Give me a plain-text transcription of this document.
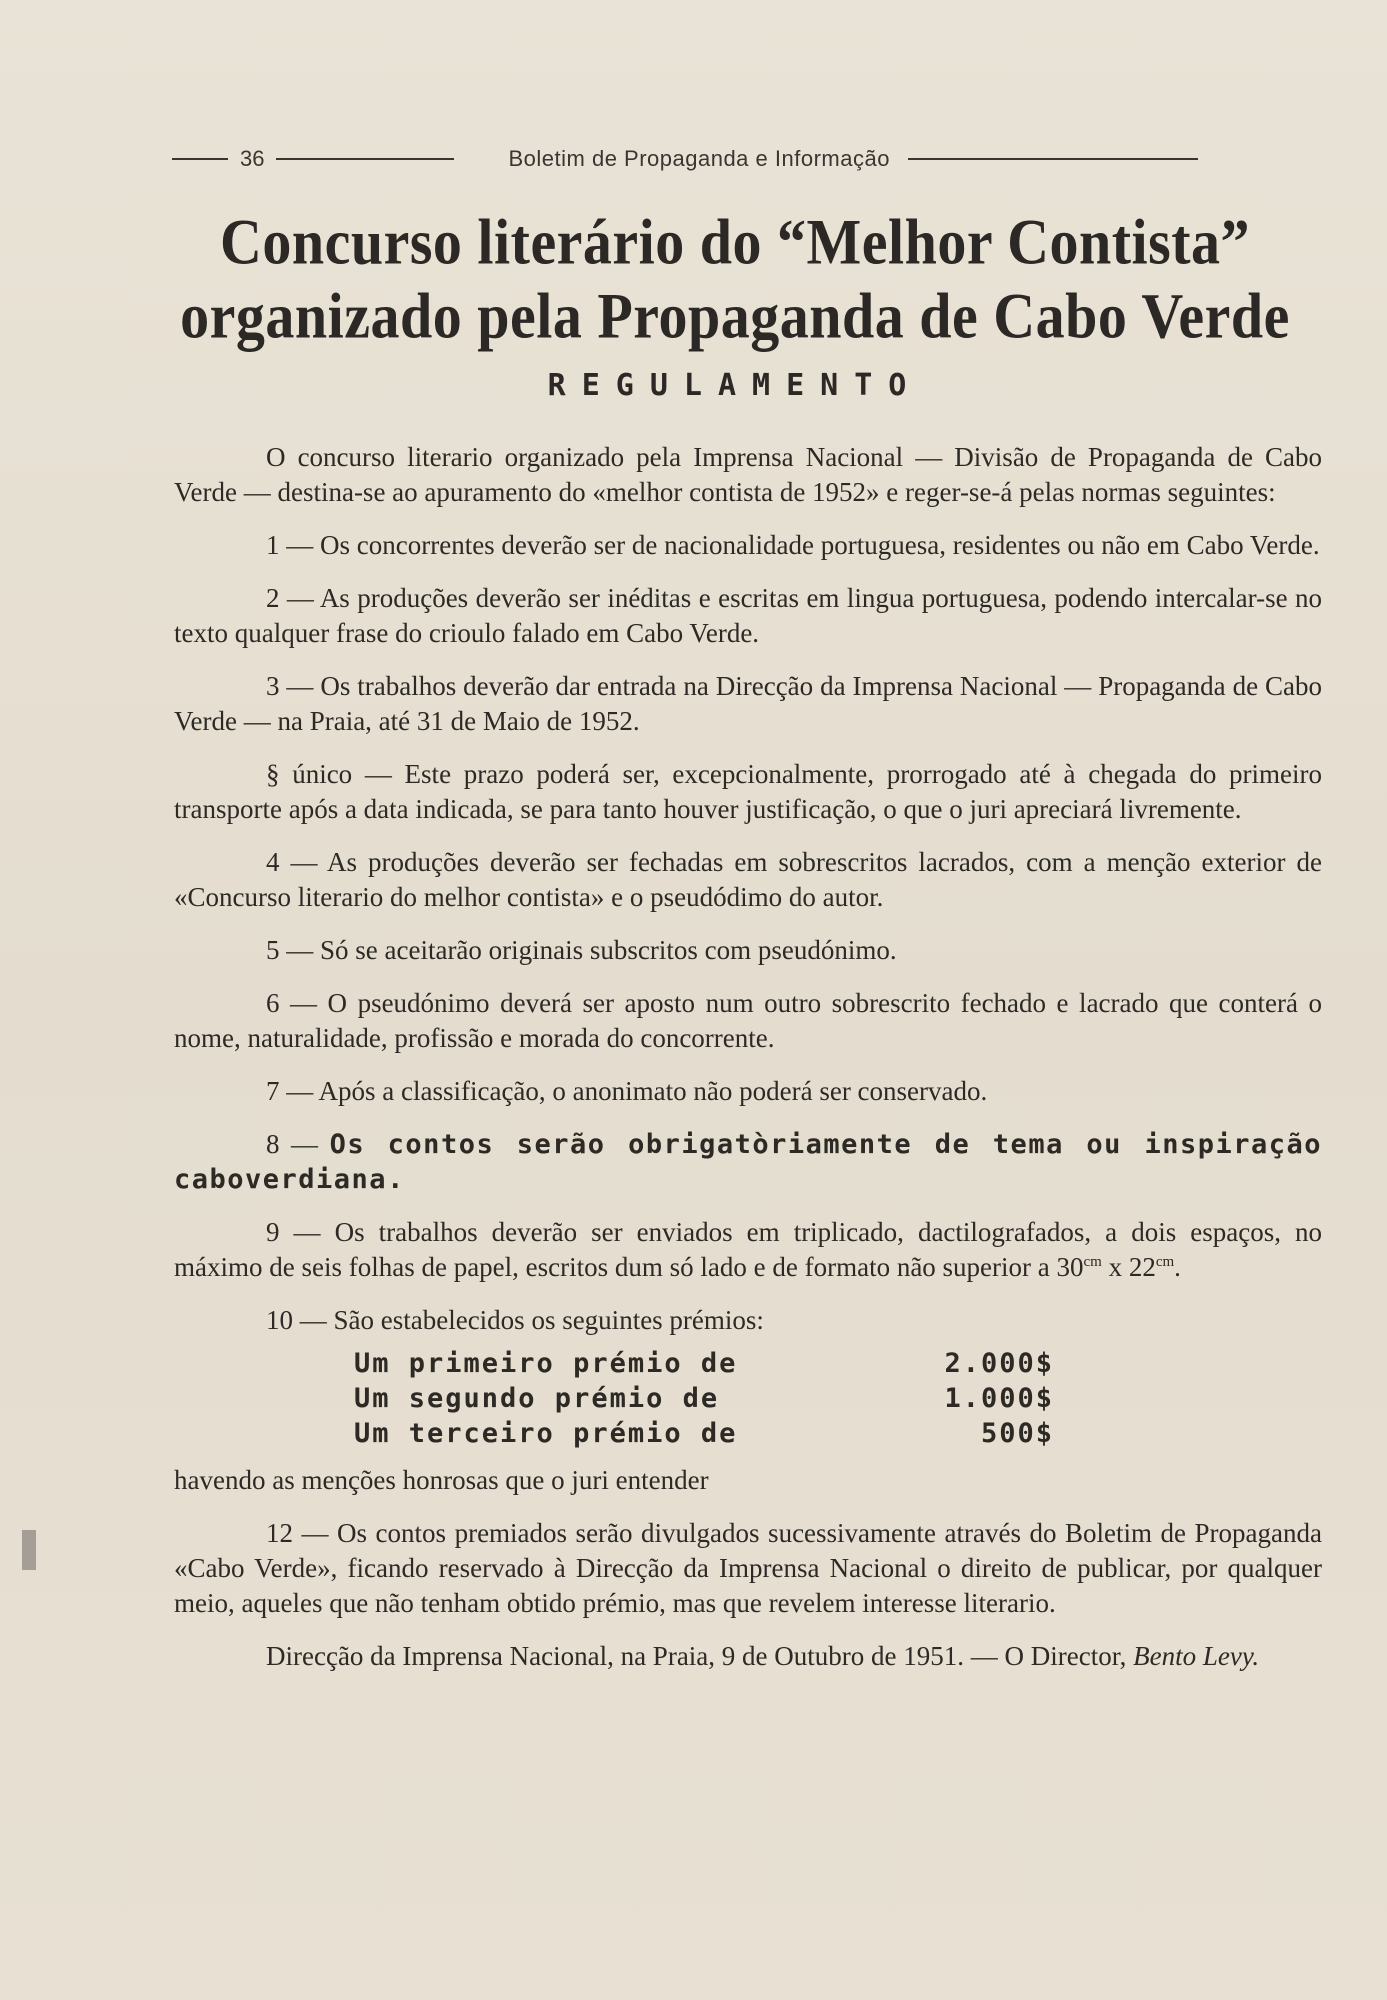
36	Boletim de Propaganda e Informação
Concurso literário do “Melhor Contista”
organizado pela Propaganda de Cabo Verde
REGULAMENTO

O concurso literario organizado pela Imprensa Nacional — Divisão de Propaganda de Cabo Verde — destina-se ao apuramento do «melhor contista de 1952» e reger-se-á pelas normas seguintes:

1 — Os concorrentes deverão ser de nacionalidade portuguesa, residentes ou não em Cabo Verde.

2 — As produções deverão ser inéditas e escritas em lingua portuguesa, podendo intercalar-se no texto qualquer frase do crioulo falado em Cabo Verde.

3 — Os trabalhos deverão dar entrada na Direcção da Imprensa Nacional — Propaganda de Cabo Verde — na Praia, até 31 de Maio de 1952.

§ único — Este prazo poderá ser, excepcionalmente, prorrogado até à chegada do primeiro transporte após a data indicada, se para tanto houver justificação, o que o juri apreciará livremente.

4 — As produções deverão ser fechadas em sobrescritos lacrados, com a menção exterior de «Concurso literario do melhor contista» e o pseudódimo do autor.

5 — Só se aceitarão originais subscritos com pseudónimo.

6 — O pseudónimo deverá ser aposto num outro sobrescrito fechado e lacrado que conterá o nome, naturalidade, profissão e morada do concorrente.

7 — Após a classificação, o anonimato não poderá ser conservado.

8 — Os contos serão obrigatòriamente de tema ou inspiração caboverdiana.

9 — Os trabalhos deverão ser enviados em triplicado, dactilografados, a dois espaços, no máximo de seis folhas de papel, escritos dum só lado e de formato não superior a $30^{cm}$ x $22^{cm}$.

10 — São estabelecidos os seguintes prémios:

Um primeiro prémio de	2.000$
Um segundo prémio de	1.000$
Um terceiro prémio de	500$

havendo as menções honrosas que o juri entender

12 — Os contos premiados serão divulgados sucessivamente através do Boletim de Propaganda «Cabo Verde», ficando reservado à Direcção da Imprensa Nacional o direito de publicar, por qualquer meio, aqueles que não tenham obtido prémio, mas que revelem interesse literario.

Direcção da Imprensa Nacional, na Praia, 9 de Outubro de 1951. — O Director, Bento Levy.
